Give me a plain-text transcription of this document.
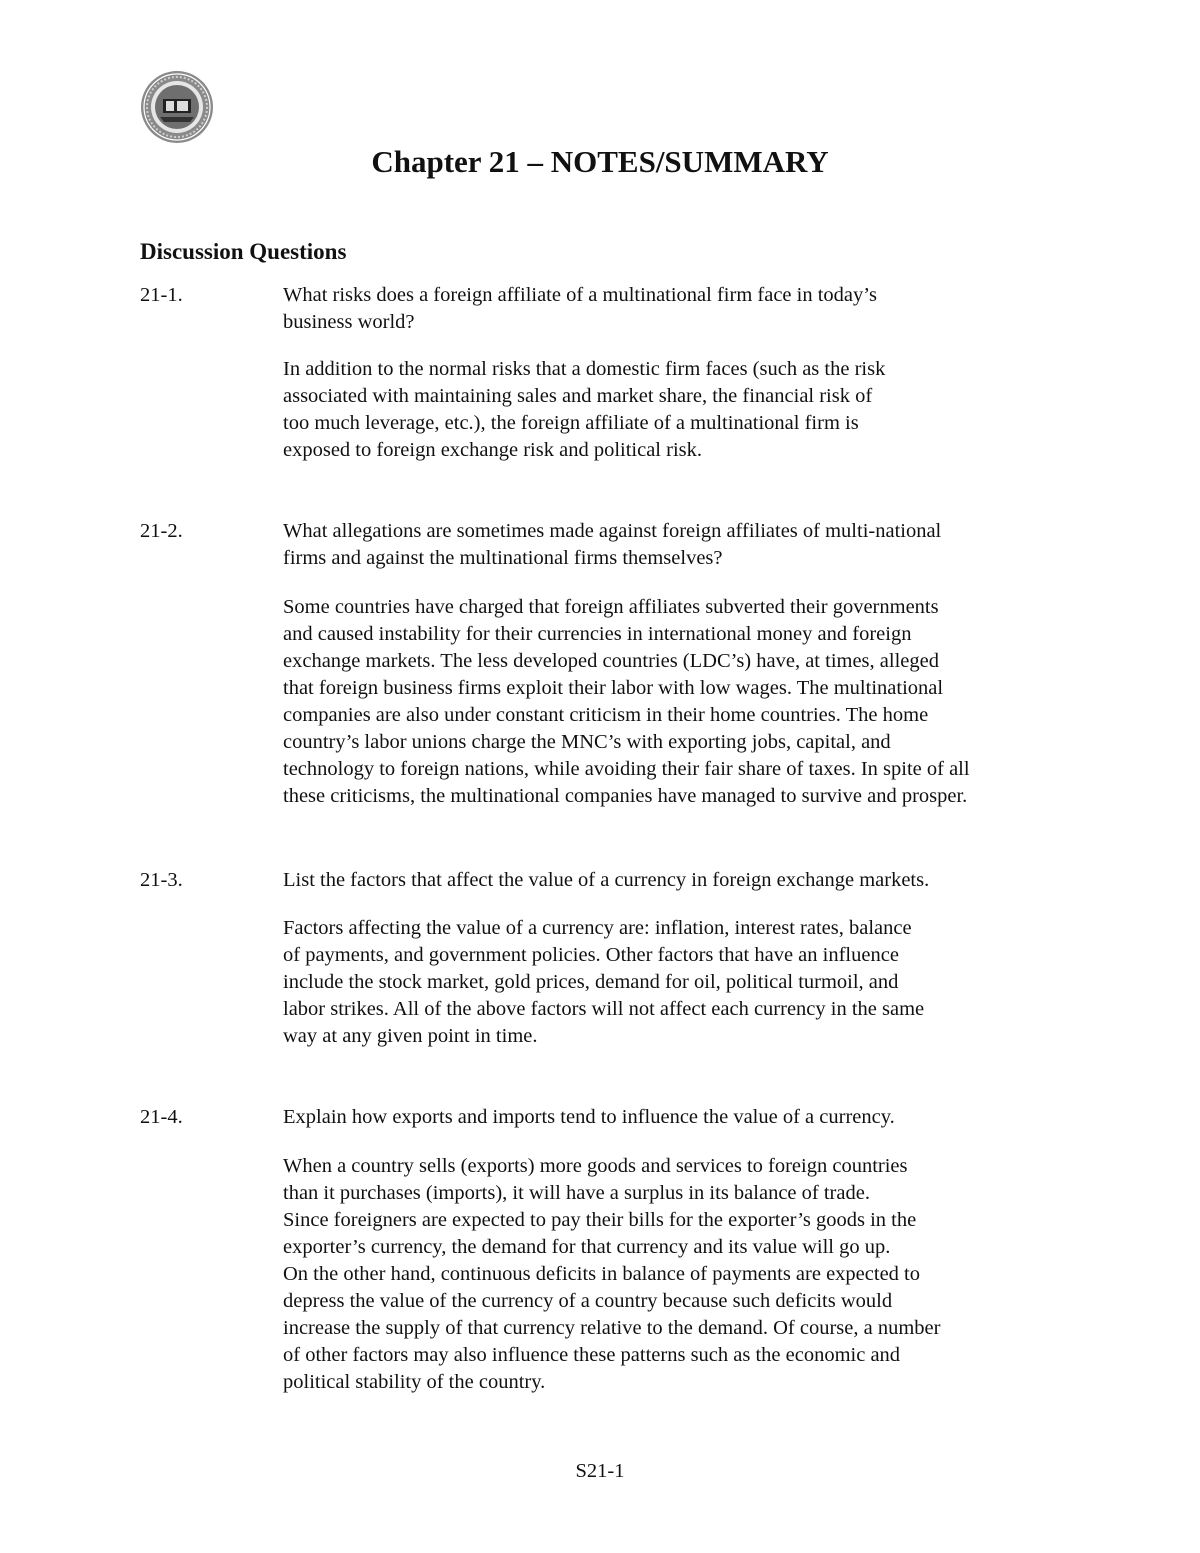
Chapter 21 – NOTES/SUMMARY
Discussion Questions
21-1.	What risks does a foreign affiliate of a multinational firm face in today’s
business world?

In addition to the normal risks that a domestic firm faces (such as the risk
associated with maintaining sales and market share, the financial risk of
too much leverage, etc.), the foreign affiliate of a multinational firm is
exposed to foreign exchange risk and political risk.

21-2.	What allegations are sometimes made against foreign affiliates of multi-national
firms and against the multinational firms themselves?

Some countries have charged that foreign affiliates subverted their governments
and caused instability for their currencies in international money and foreign
exchange markets. The less developed countries (LDC’s) have, at times, alleged
that foreign business firms exploit their labor with low wages. The multinational
companies are also under constant criticism in their home countries. The home
country’s labor unions charge the MNC’s with exporting jobs, capital, and
technology to foreign nations, while avoiding their fair share of taxes. In spite of all
these criticisms, the multinational companies have managed to survive and prosper.

21-3.	List the factors that affect the value of a currency in foreign exchange markets.

Factors affecting the value of a currency are: inflation, interest rates, balance
of payments, and government policies. Other factors that have an influence
include the stock market, gold prices, demand for oil, political turmoil, and
labor strikes. All of the above factors will not affect each currency in the same
way at any given point in time.

21-4.	Explain how exports and imports tend to influence the value of a currency.

When a country sells (exports) more goods and services to foreign countries
than it purchases (imports), it will have a surplus in its balance of trade.
Since foreigners are expected to pay their bills for the exporter’s goods in the
exporter’s currency, the demand for that currency and its value will go up.
On the other hand, continuous deficits in balance of payments are expected to
depress the value of the currency of a country because such deficits would
increase the supply of that currency relative to the demand. Of course, a number
of other factors may also influence these patterns such as the economic and
political stability of the country.

S21-1
